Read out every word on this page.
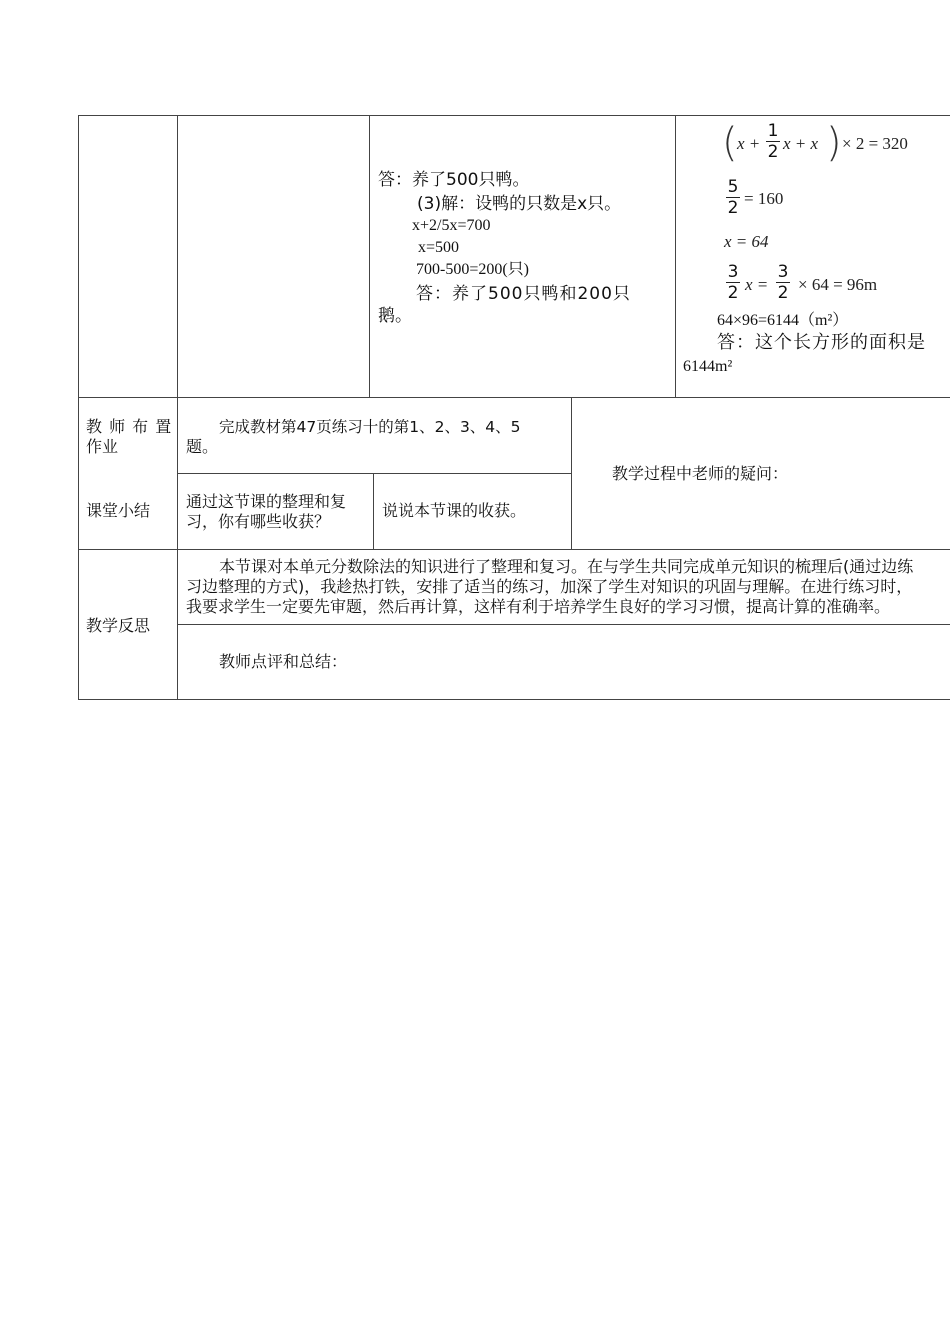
答：养了500只鸭。
(3)解：设鸭的只数是x只。
x+2/5x=700
x=500
700-500=200(只)
答：养了500只鸭和200只
鹅。
( x +
1
2 x + x ) × 2 = 320
5
2 = 160
x = 64
3
2 x =
3
2 × 64 = 96m
64×96=6144（m²）
答：这个长方形的面积是
6144m²
教 师 布 置
作业
完成教材第47页练习十的第1、2、3、4、5
题。
教学过程中老师的疑问：
课堂小结 通过这节课的整理和复
习，你有哪些收获？
说说本节课的收获。
教学反思
本节课对本单元分数除法的知识进行了整理和复习。在与学生共同完成单元知识的梳理后(通过边练
习边整理的方式)，我趁热打铁，安排了适当的练习，加深了学生对知识的巩固与理解。在进行练习时，
我要求学生一定要先审题，然后再计算，这样有利于培养学生良好的学习习惯，提高计算的准确率。
教师点评和总结：
